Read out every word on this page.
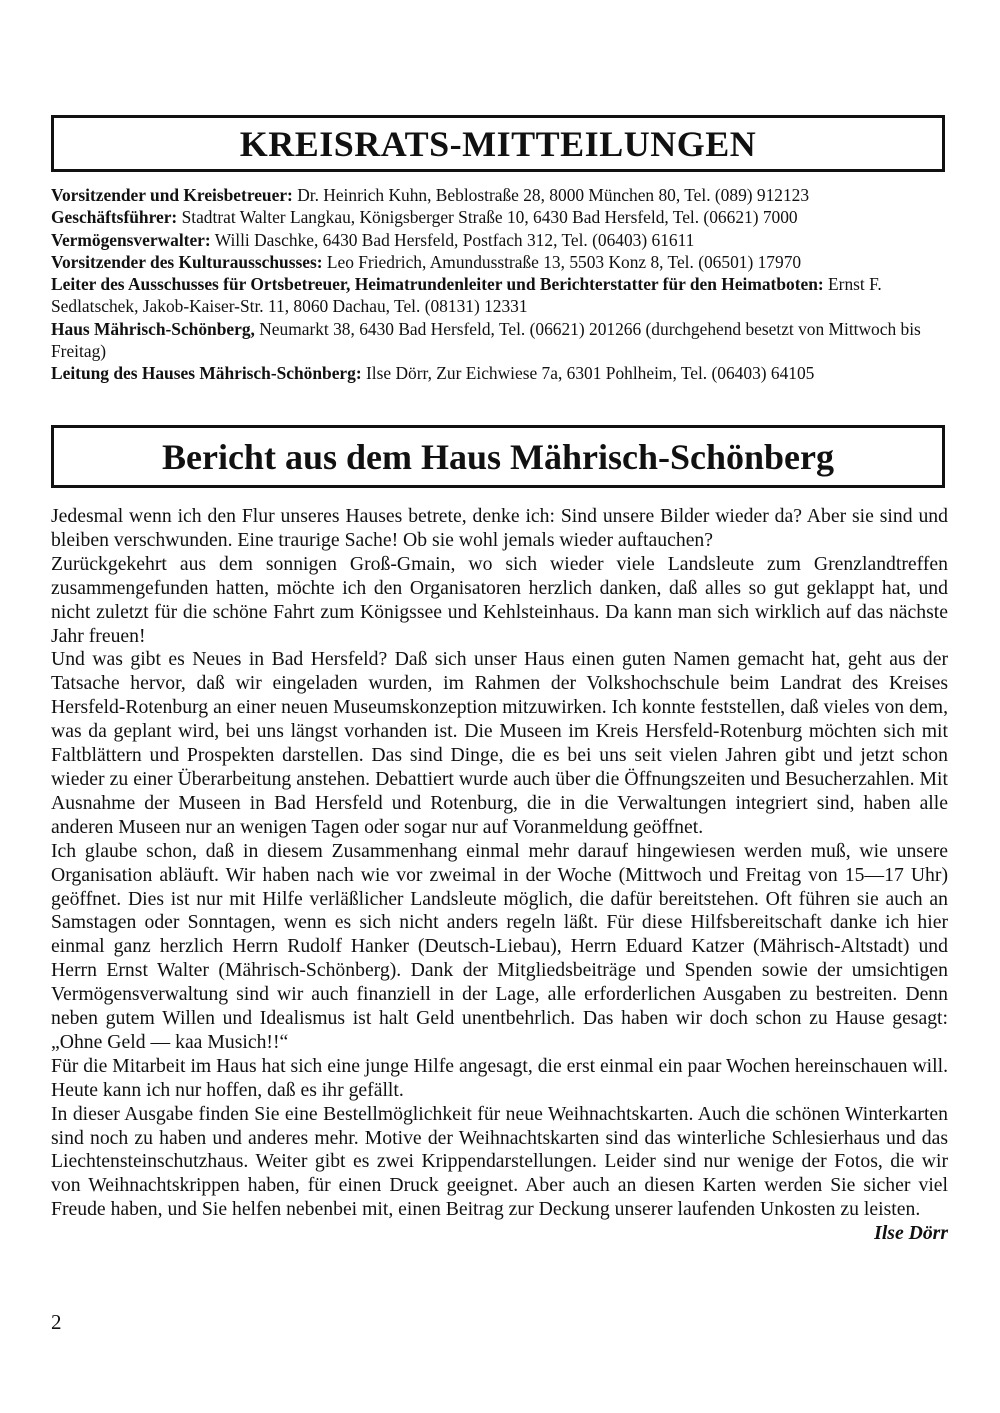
KREISRATS-MITTEILUNGEN

Vorsitzender und Kreisbetreuer: Dr. Heinrich Kuhn, Beblostraße 28, 8000 München 80, Tel. (089) 912123

Geschäftsführer: Stadtrat Walter Langkau, Königsberger Straße 10, 6430 Bad Hersfeld, Tel. (06621) 7000

Vermögensverwalter: Willi Daschke, 6430 Bad Hersfeld, Postfach 312, Tel. (06403) 61611

Vorsitzender des Kulturausschusses: Leo Friedrich, Amundusstraße 13, 5503 Konz 8, Tel. (06501) 17970

Leiter des Ausschusses für Ortsbetreuer, Heimatrundenleiter und Berichterstatter für den Heimatboten: Ernst F. Sedlatschek, Jakob-Kaiser-Str. 11, 8060 Dachau, Tel. (08131) 12331

Haus Mährisch-Schönberg, Neumarkt 38, 6430 Bad Hersfeld, Tel. (06621) 201266 (durchgehend besetzt von Mittwoch bis Freitag)

Leitung des Hauses Mährisch-Schönberg: Ilse Dörr, Zur Eichwiese 7a, 6301 Pohlheim, Tel. (06403) 64105

Bericht aus dem Haus Mährisch-Schönberg

Jedesmal wenn ich den Flur unseres Hauses betrete, denke ich: Sind unsere Bilder wieder da? Aber sie sind und bleiben verschwunden. Eine traurige Sache! Ob sie wohl jemals wieder auftauchen?

Zurückgekehrt aus dem sonnigen Groß-Gmain, wo sich wieder viele Landsleute zum Grenzlandtreffen zusammengefunden hatten, möchte ich den Organisatoren herzlich danken, daß alles so gut geklappt hat, und nicht zuletzt für die schöne Fahrt zum Königssee und Kehlsteinhaus. Da kann man sich wirklich auf das nächste Jahr freuen!

Und was gibt es Neues in Bad Hersfeld? Daß sich unser Haus einen guten Namen gemacht hat, geht aus der Tatsache hervor, daß wir eingeladen wurden, im Rahmen der Volkshochschule beim Landrat des Kreises Hersfeld-Rotenburg an einer neuen Museumskonzeption mitzuwirken. Ich konnte feststellen, daß vieles von dem, was da geplant wird, bei uns längst vorhanden ist. Die Museen im Kreis Hersfeld-Rotenburg möchten sich mit Faltblättern und Prospekten darstellen. Das sind Dinge, die es bei uns seit vielen Jahren gibt und jetzt schon wieder zu einer Überarbeitung anstehen. Debattiert wurde auch über die Öffnungszeiten und Besucherzahlen. Mit Ausnahme der Museen in Bad Hersfeld und Rotenburg, die in die Verwaltungen integriert sind, haben alle anderen Museen nur an wenigen Tagen oder sogar nur auf Voranmeldung geöffnet.

Ich glaube schon, daß in diesem Zusammenhang einmal mehr darauf hingewiesen werden muß, wie unsere Organisation abläuft. Wir haben nach wie vor zweimal in der Woche (Mittwoch und Freitag von 15—17 Uhr) geöffnet. Dies ist nur mit Hilfe verläßlicher Landsleute möglich, die dafür bereitstehen. Oft führen sie auch an Samstagen oder Sonntagen, wenn es sich nicht anders regeln läßt. Für diese Hilfsbereitschaft danke ich hier einmal ganz herzlich Herrn Rudolf Hanker (Deutsch-Liebau), Herrn Eduard Katzer (Mährisch-Altstadt) und Herrn Ernst Walter (Mährisch-Schönberg). Dank der Mitgliedsbeiträge und Spenden sowie der umsichtigen Vermögensverwaltung sind wir auch finanziell in der Lage, alle erforderlichen Ausgaben zu bestreiten. Denn neben gutem Willen und Idealismus ist halt Geld unentbehrlich. Das haben wir doch schon zu Hause gesagt: „Ohne Geld — kaa Musich!!“

Für die Mitarbeit im Haus hat sich eine junge Hilfe angesagt, die erst einmal ein paar Wochen hereinschauen will. Heute kann ich nur hoffen, daß es ihr gefällt.

In dieser Ausgabe finden Sie eine Bestellmöglichkeit für neue Weihnachtskarten. Auch die schönen Winterkarten sind noch zu haben und anderes mehr. Motive der Weihnachtskarten sind das winterliche Schlesierhaus und das Liechtensteinschutzhaus. Weiter gibt es zwei Krippendarstellungen. Leider sind nur wenige der Fotos, die wir von Weihnachtskrippen haben, für einen Druck geeignet. Aber auch an diesen Karten werden Sie sicher viel Freude haben, und Sie helfen nebenbei mit, einen Beitrag zur Deckung unserer laufenden Unkosten zu leisten.
Ilse Dörr

2
